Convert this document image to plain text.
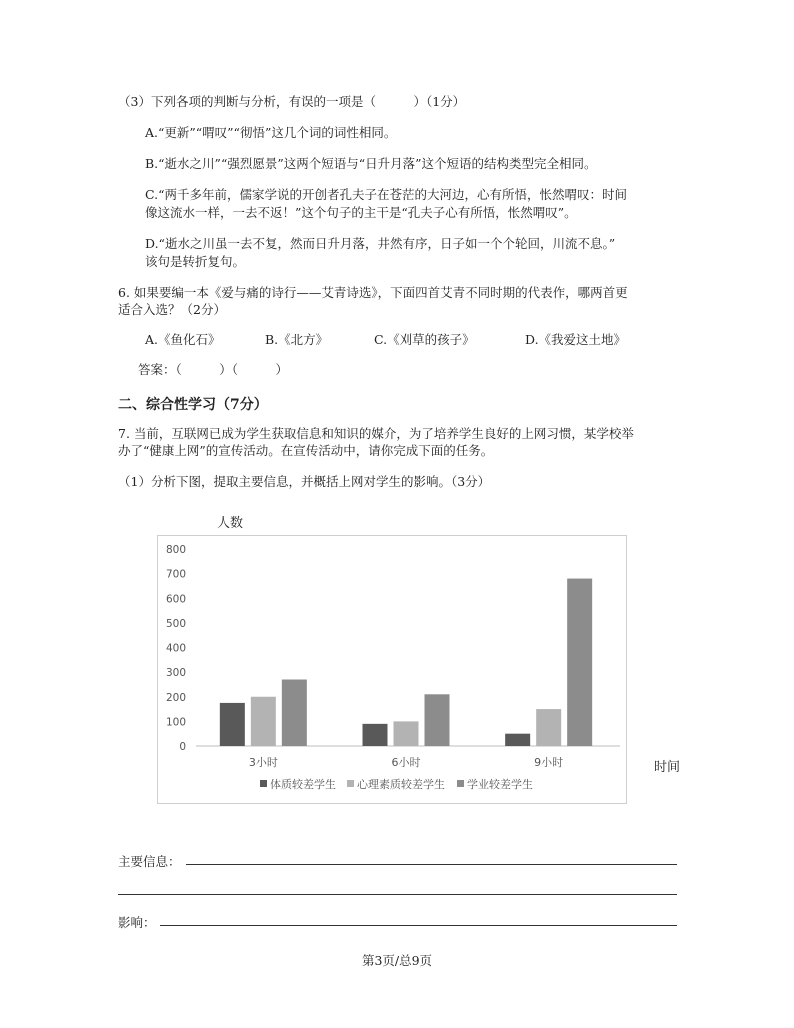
（3）下列各项的判断与分析，有误的一项是（　　　）（1分）
A.“更新”“喟叹”“彻悟”这几个词的词性相同。
B.“逝水之川”“强烈愿景”这两个短语与“日升月落”这个短语的结构类型完全相同。
C.“两千多年前，儒家学说的开创者孔夫子在苍茫的大河边，心有所悟，怅然喟叹：时间
像这流水一样，一去不返！”这个句子的主干是“孔夫子心有所悟，怅然喟叹”。
D.“逝水之川虽一去不复，然而日升月落，井然有序，日子如一个个轮回，川流不息。”
该句是转折复句。
6. 如果要编一本《爱与痛的诗行——艾青诗选》，下面四首艾青不同时期的代表作，哪两首更
适合入选？（2分）
A.《鱼化石》	B.《北方》	C.《刈草的孩子》	D.《我爱这土地》
答案：（　　　）（　　　）
二、综合性学习（7分）
7. 当前，互联网已成为学生获取信息和知识的媒介，为了培养学生良好的上网习惯，某学校举
办了“健康上网”的宣传活动。在宣传活动中，请你完成下面的任务。
（1）分析下图，提取主要信息，并概括上网对学生的影响。（3分）
人数
0
100
200
300
400
500
600
700
800
3小时	6小时	9小时
体质较差学生 心理素质较差学生 学业较差学生
时间
主要信息：
影响：
第3页/总9页
